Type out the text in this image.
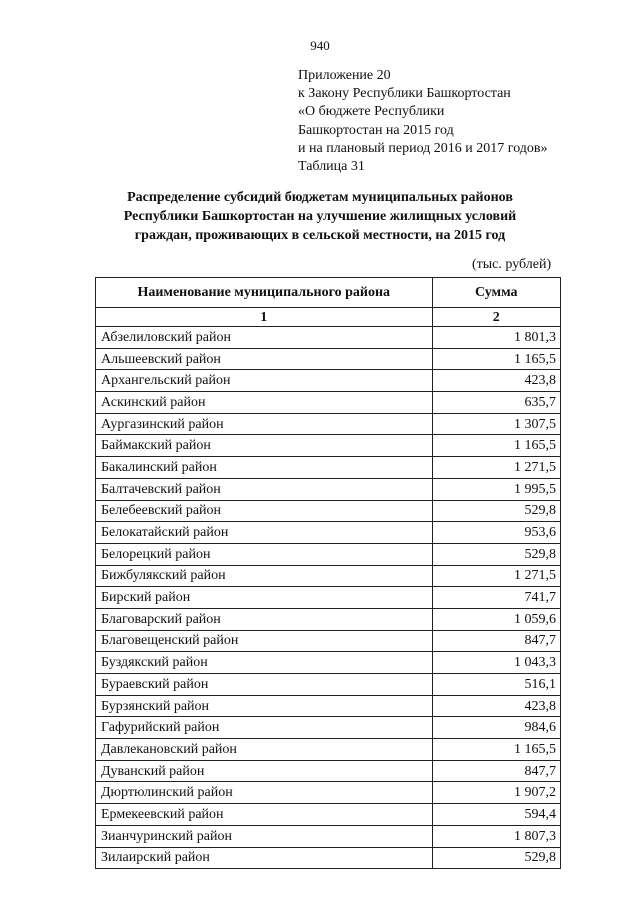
940
Приложение 20
к Закону Республики Башкортостан
«О бюджете Республики
Башкортостан на 2015 год
и на плановый период 2016 и 2017 годов»
Таблица 31
Распределение субсидий бюджетам муниципальных районов
Республики Башкортостан на улучшение жилищных условий
граждан, проживающих в сельской местности, на 2015 год
(тыс. рублей)
Наименование муниципального района	Сумма
1	2
Абзелиловский район	1 801,3
Альшеевский район	1 165,5
Архангельский район	423,8
Аскинский район	635,7
Аургазинский район	1 307,5
Баймакский район	1 165,5
Бакалинский район	1 271,5
Балтачевский район	1 995,5
Белебеевский район	529,8
Белокатайский район	953,6
Белорецкий район	529,8
Бижбулякский район	1 271,5
Бирский район	741,7
Благоварский район	1 059,6
Благовещенский район	847,7
Буздякский район	1 043,3
Бураевский район	516,1
Бурзянский район	423,8
Гафурийский район	984,6
Давлекановский район	1 165,5
Дуванский район	847,7
Дюртюлинский район	1 907,2
Ермекеевский район	594,4
Зианчуринский район	1 807,3
Зилаирский район	529,8
